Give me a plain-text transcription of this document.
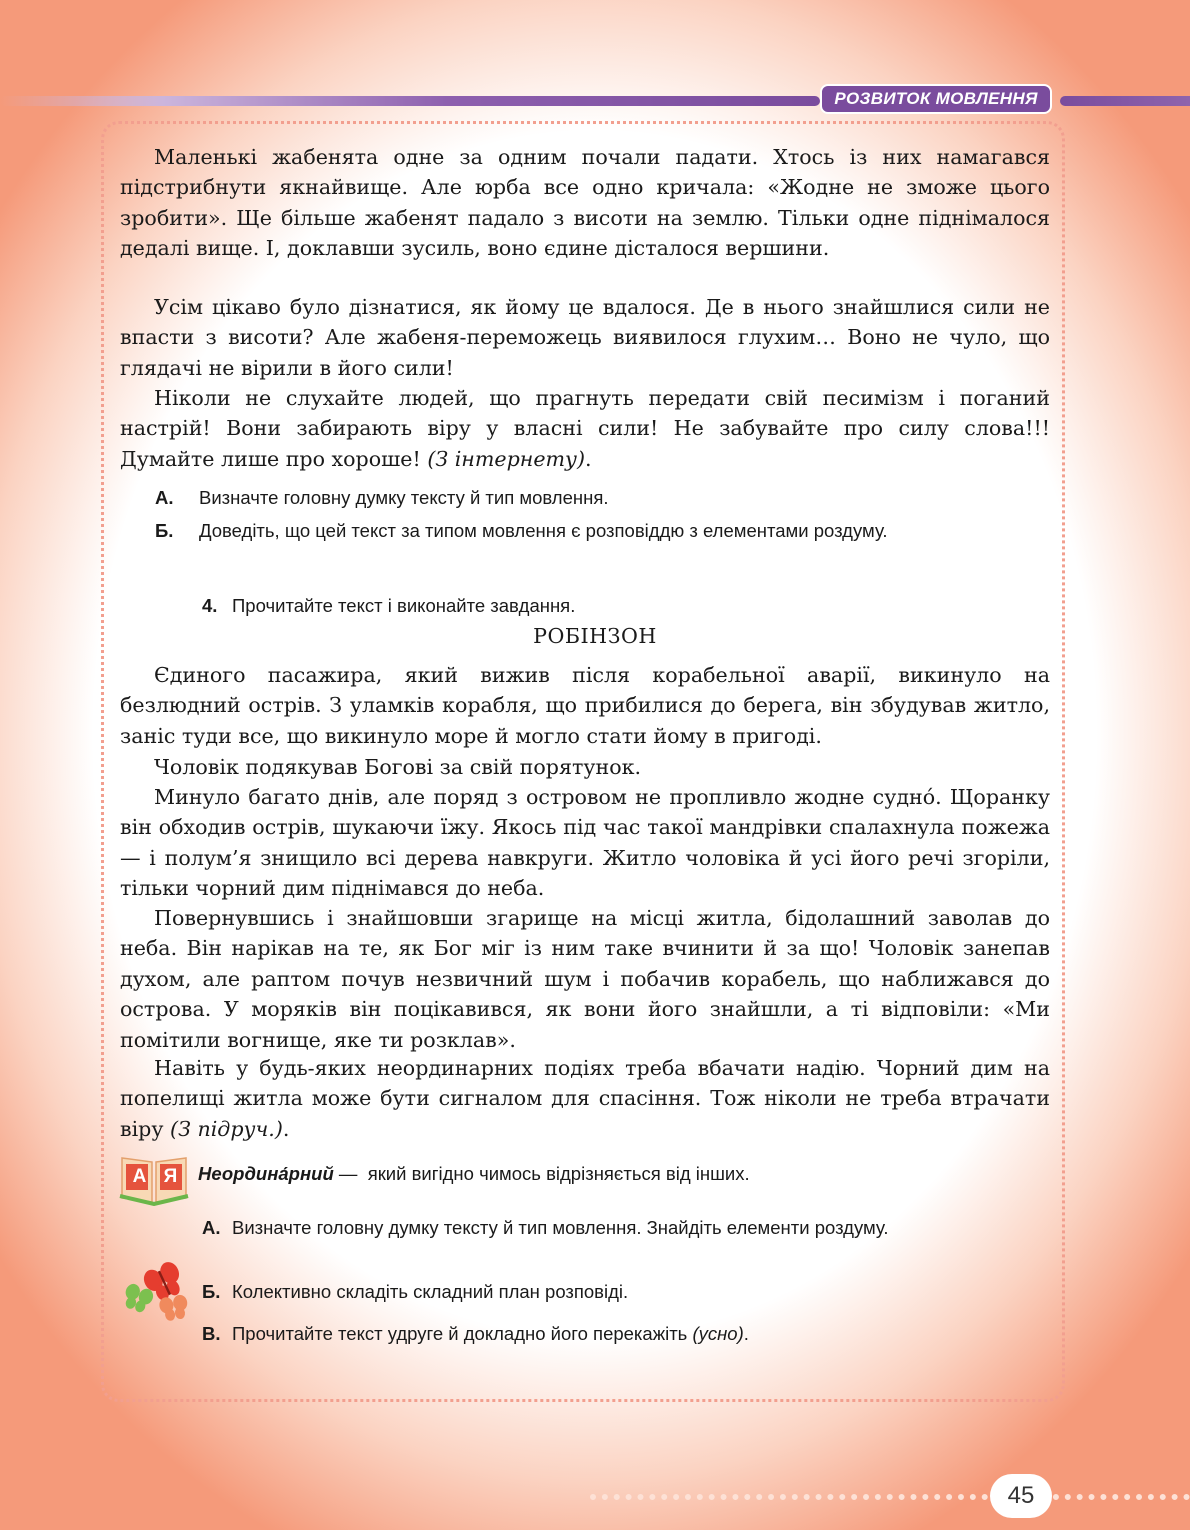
РОЗВИТОК МОВЛЕННЯ

Маленькі жабенята одне за одним почали падати. Хтось із них намагався підстрибнути якнайвище. Але юрба все одно кричала: «Жодне не зможе цього зробити». Ще більше жабенят падало з висоти на землю. Тільки одне піднімалося дедалі вище. І, доклавши зусиль, воно єдине дісталося вершини.

Усім цікаво було дізнатися, як йому це вдалося. Де в нього знайшлися сили не впасти з висоти? Але жабеня-переможець виявилося глухим… Воно не чуло, що глядачі не вірили в його сили!

Ніколи не слухайте людей, що прагнуть передати свій песимізм і поганий настрій! Вони забирають віру у власні сили! Не забувайте про силу слова!!! Думайте лише про хороше! (З інтернету).

А. Визначте головну думку тексту й тип мовлення.
Б. Доведіть, що цей текст за типом мовлення є розповіддю з елементами роздуму.
4. Прочитайте текст і виконайте завдання.
РОБІНЗОН

Єдиного пасажира, який вижив після корабельної аварії, викинуло на безлюдний острів. З уламків корабля, що прибилися до берега, він збудував житло, заніс туди все, що викинуло море й могло стати йому в пригоді.

Чоловік подякував Богові за свій порятунок.

Минуло багато днів, але поряд з островом не пропливло жодне судно́. Щоранку він обходив острів, шукаючи їжу. Якось під час такої мандрівки спалахнула пожежа — і полум’я знищило всі дерева навкруги. Житло чоловіка й усі його речі згоріли, тільки чорний дим піднімався до неба.

Повернувшись і знайшовши згарище на місці житла, бідолашний заволав до неба. Він нарікав на те, як Бог міг із ним таке вчинити й за що! Чоловік занепав духом, але раптом почув незвичний шум і побачив корабель, що наближався до острова. У моряків він поцікавився, як вони його знайшли, а ті відповіли: «Ми помітили вогнище, яке ти розклав».

Навіть у будь-яких неординарних подіях треба вбачати надію. Чорний дим на попелищі житла може бути сигналом для спасіння. Тож ніколи не треба втрачати віру (З підруч.).

А Я Неордина́рний — який вигідно чимось відрізняється від інших.
А. Визначте головну думку тексту й тип мовлення. Знайдіть елементи роздуму.
Б. Колективно складіть складний план розповіді.
В. Прочитайте текст удруге й докладно його перекажіть (усно).
45
